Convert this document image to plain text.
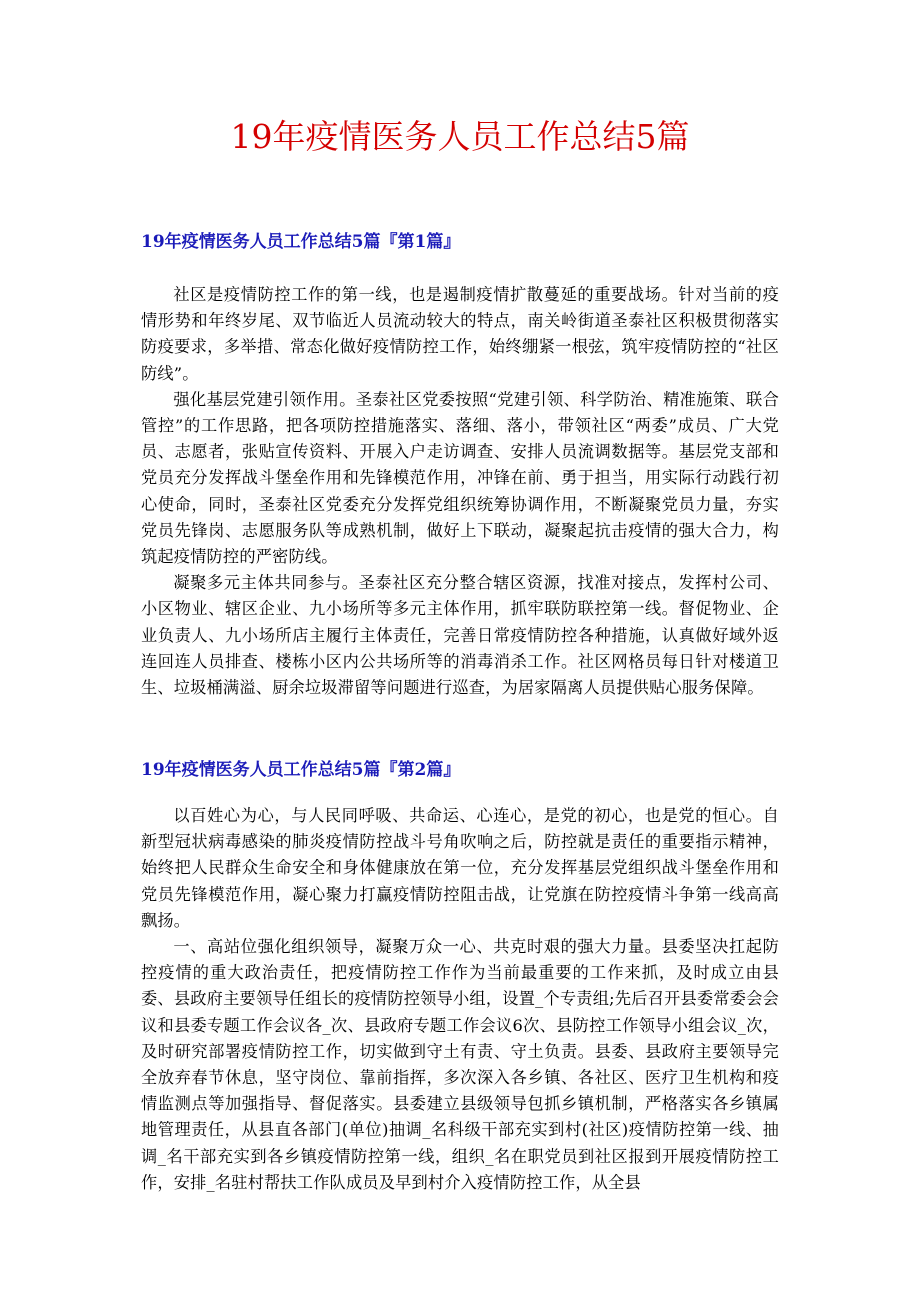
19年疫情医务人员工作总结5篇
19年疫情医务人员工作总结5篇『第1篇』

社区是疫情防控工作的第一线，也是遏制疫情扩散蔓延的重要战场。针对当前的疫情形势和年终岁尾、双节临近人员流动较大的特点，南关岭街道圣泰社区积极贯彻落实防疫要求，多举措、常态化做好疫情防控工作，始终绷紧一根弦，筑牢疫情防控的“社区防线”。

强化基层党建引领作用。圣泰社区党委按照“党建引领、科学防治、精准施策、联合管控”的工作思路，把各项防控措施落实、落细、落小，带领社区“两委”成员、广大党员、志愿者，张贴宣传资料、开展入户走访调查、安排人员流调数据等。基层党支部和党员充分发挥战斗堡垒作用和先锋模范作用，冲锋在前、勇于担当，用实际行动践行初心使命，同时，圣泰社区党委充分发挥党组织统筹协调作用，不断凝聚党员力量，夯实党员先锋岗、志愿服务队等成熟机制，做好上下联动，凝聚起抗击疫情的强大合力，构筑起疫情防控的严密防线。

凝聚多元主体共同参与。圣泰社区充分整合辖区资源，找准对接点，发挥村公司、小区物业、辖区企业、九小场所等多元主体作用，抓牢联防联控第一线。督促物业、企业负责人、九小场所店主履行主体责任，完善日常疫情防控各种措施，认真做好域外返连回连人员排查、楼栋小区内公共场所等的消毒消杀工作。社区网格员每日针对楼道卫生、垃圾桶满溢、厨余垃圾滞留等问题进行巡查，为居家隔离人员提供贴心服务保障。

19年疫情医务人员工作总结5篇『第2篇』

以百姓心为心，与人民同呼吸、共命运、心连心，是党的初心，也是党的恒心。自新型冠状病毒感染的肺炎疫情防控战斗号角吹响之后，防控就是责任的重要指示精神，始终把人民群众生命安全和身体健康放在第一位，充分发挥基层党组织战斗堡垒作用和党员先锋模范作用，凝心聚力打赢疫情防控阻击战，让党旗在防控疫情斗争第一线高高飘扬。

一、高站位强化组织领导，凝聚万众一心、共克时艰的强大力量。县委坚决扛起防控疫情的重大政治责任，把疫情防控工作作为当前最重要的工作来抓，及时成立由县委、县政府主要领导任组长的疫情防控领导小组，设置_个专责组;先后召开县委常委会会议和县委专题工作会议各_次、县政府专题工作会议6次、县防控工作领导小组会议_次，及时研究部署疫情防控工作，切实做到守土有责、守土负责。县委、县政府主要领导完全放弃春节休息，坚守岗位、靠前指挥，多次深入各乡镇、各社区、医疗卫生机构和疫情监测点等加强指导、督促落实。县委建立县级领导包抓乡镇机制，严格落实各乡镇属地管理责任，从县直各部门(单位)抽调_名科级干部充实到村(社区)疫情防控第一线、抽调_名干部充实到各乡镇疫情防控第一线，组织_名在职党员到社区报到开展疫情防控工作，安排_名驻村帮扶工作队成员及早到村介入疫情防控工作，从全县
